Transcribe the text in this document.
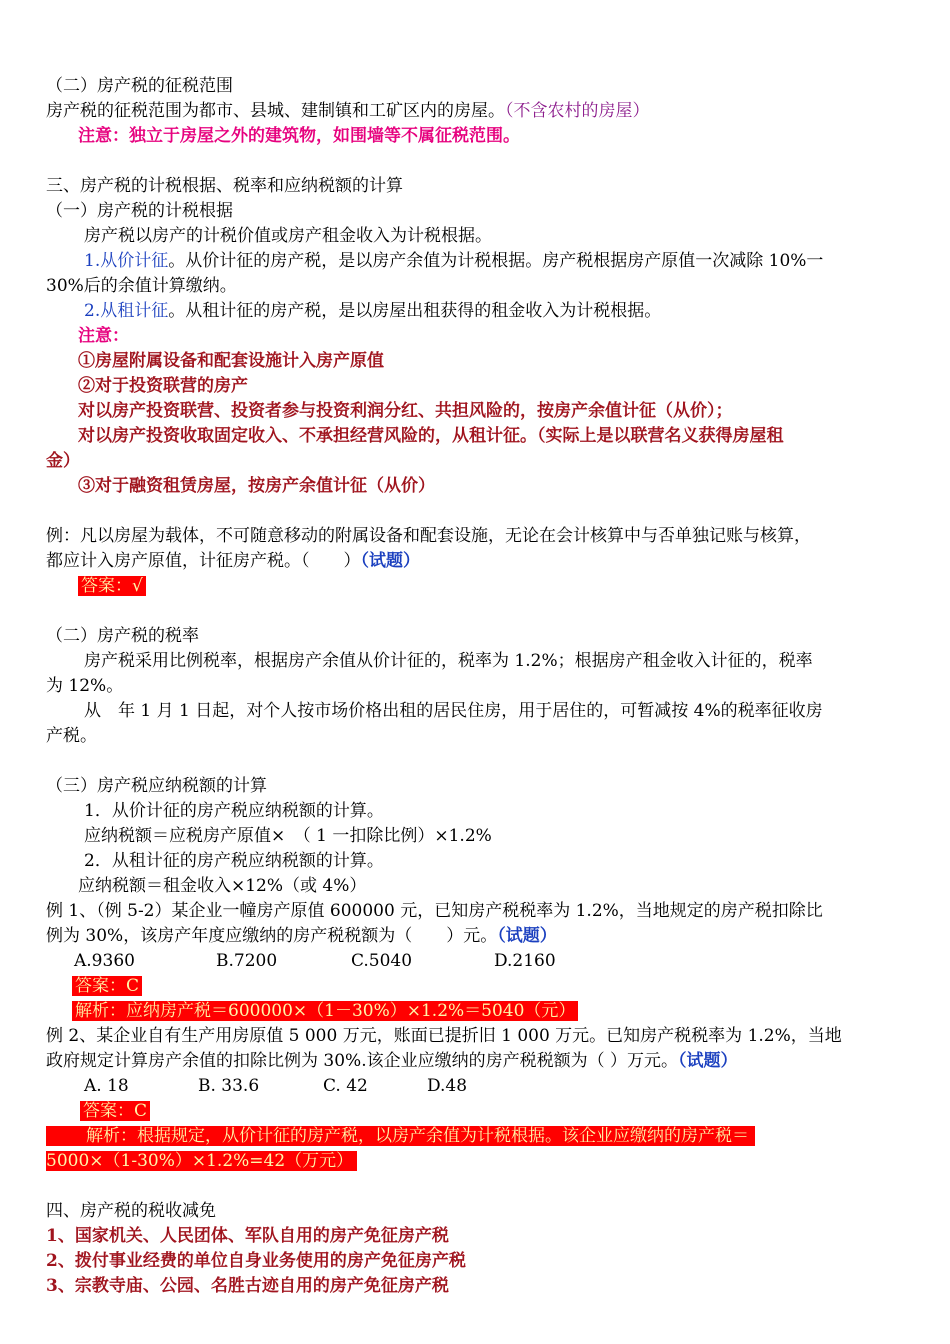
（二）房产税的征税范围
房产税的征税范围为都市、县城、建制镇和工矿区内的房屋。（不含农村的房屋）
注意：独立于房屋之外的建筑物，如围墙等不属征税范围。
三、房产税的计税根据、税率和应纳税额的计算
（一）房产税的计税根据
房产税以房产的计税价值或房产租金收入为计税根据。
1.从价计征。从价计征的房产税，是以房产余值为计税根据。房产税根据房产原值一次减除 10%一
30%后的余值计算缴纳。
2.从租计征。从租计征的房产税，是以房屋出租获得的租金收入为计税根据。
注意：
①房屋附属设备和配套设施计入房产原值
②对于投资联营的房产
对以房产投资联营、投资者参与投资利润分红、共担风险的，按房产余值计征（从价）；
对以房产投资收取固定收入、不承担经营风险的，从租计征。（实际上是以联营名义获得房屋租
金）
③对于融资租赁房屋，按房产余值计征（从价）
例：凡以房屋为载体，不可随意移动的附属设备和配套设施，无论在会计核算中与否单独记账与核算，
都应计入房产原值，计征房产税。（　　）（试题）
答案：√
（二）房产税的税率
房产税采用比例税率，根据房产余值从价计征的，税率为 1.2%；根据房产租金收入计征的，税率
为 12%。
从　年 1 月 1 日起，对个人按市场价格出租的居民住房，用于居住的，可暂减按 4%的税率征收房
产税。
（三）房产税应纳税额的计算
1．从价计征的房产税应纳税额的计算。
应纳税额＝应税房产原值×　（ 1 一扣除比例）×1.2%
2．从租计征的房产税应纳税额的计算。
应纳税额＝租金收入×12%（或 4%）
例 1、（例 5-2）某企业一幢房产原值 600000 元，已知房产税税率为 1.2%，当地规定的房产税扣除比
例为 30%，该房产年度应缴纳的房产税税额为（　　）元。（试题）
A.9360	B.7200	C.5040	D.2160
答案：C
解析：应纳房产税＝600000×（1－30%）×1.2%＝5040（元）
例 2、某企业自有生产用房原值 5 000 万元，账面已提折旧 1 000 万元。已知房产税税率为 1.2%，当地
政府规定计算房产余值的扣除比例为 30%.该企业应缴纳的房产税税额为（ ）万元。（试题）
A. 18	B. 33.6	C. 42	D.48
答案：C
解析：根据规定，从价计征的房产税，以房产余值为计税根据。该企业应缴纳的房产税＝
5000×（1-30%）×1.2%=42（万元）
四、房产税的税收减免
1、国家机关、人民团体、军队自用的房产免征房产税
2、拨付事业经费的单位自身业务使用的房产免征房产税
3、宗教寺庙、公园、名胜古迹自用的房产免征房产税
